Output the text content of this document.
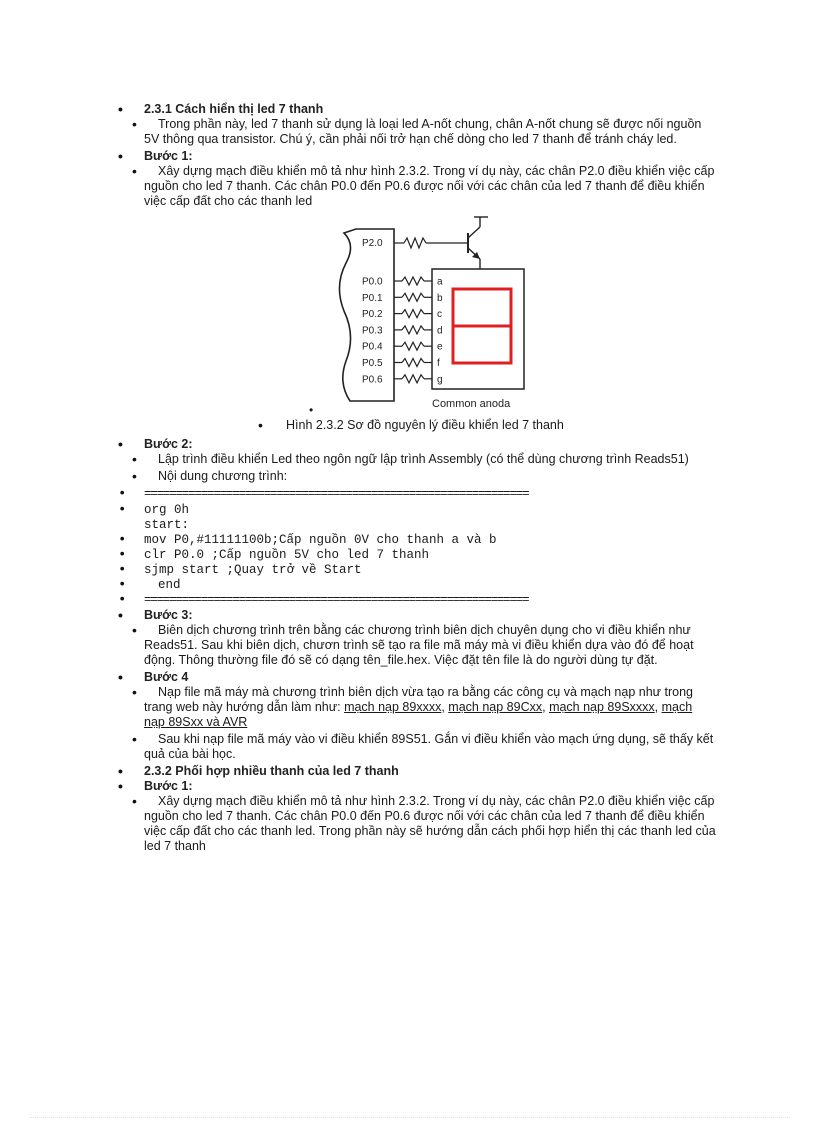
• 2.3.1 Cách hiển thị led 7 thanh
• Trong phần này, led 7 thanh sử dụng là loại led A-nốt chung, chân A-nốt chung sẽ được nối nguồn 5V thông qua transistor. Chú ý, cần phải nối trở hạn chế dòng cho led 7 thanh để tránh cháy led.
• Bước 1:
• Xây dựng mạch điều khiển mô tả như hình 2.3.2. Trong ví dụ này, các chân P2.0 điều khiển việc cấp nguồn cho led 7 thanh. Các chân P0.0 đến P0.6 được nối với các chân của led 7 thanh để điều khiển việc cấp đất cho các thanh led
P2.0
P0.0	a
P0.1	b
P0.2	c
P0.3	d
P0.4	e
P0.5	f
P0.6	g
Common anoda
•
• Hình 2.3.2 Sơ đồ nguyên lý điều khiển led 7 thanh
• Bước 2:
• Lập trình điều khiển Led theo ngôn ngữ lập trình Assembly (có thể dùng chương trình Reads51)
• Nội dung chương trình:
• =============================================================
• org 0h
start:
• mov P0,#11111100b;Cấp nguồn 0V cho thanh a và b
• clr P0.0 ;Cấp nguồn 5V cho led 7 thanh
• sjmp start ;Quay trở về Start
• end
• =============================================================
• Bước 3:
• Biên dịch chương trình trên bằng các chương trình biên dịch chuyên dụng cho vi điều khiển như Reads51. Sau khi biên dịch, chươn trình sẽ tạo ra file mã máy mà vi điều khiển dựa vào đó để hoạt động. Thông thường file đó sẽ có dạng tên_file.hex. Việc đặt tên file là do người dùng tự đặt.
• Bước 4
• Nạp file mã máy mà chương trình biên dịch vừa tạo ra bằng các công cụ và mạch nạp như trong trang web này hướng dẫn làm như: mạch nạp 89xxxx, mạch nạp 89Cxx, mạch nạp 89Sxxxx, mạch nạp 89Sxx và AVR
• Sau khi nạp file mã máy vào vi điều khiển 89S51. Gắn vi điều khiển vào mạch ứng dụng, sẽ thấy kết quả của bài học.
• 2.3.2 Phối hợp nhiều thanh của led 7 thanh
• Bước 1:
• Xây dựng mạch điều khiển mô tả như hình 2.3.2. Trong ví dụ này, các chân P2.0 điều khiển việc cấp nguồn cho led 7 thanh. Các chân P0.0 đến P0.6 được nối với các chân của led 7 thanh để điều khiển việc cấp đất cho các thanh led. Trong phần này sẽ hướng dẫn cách phối hợp hiển thị các thanh led của led 7 thanh
